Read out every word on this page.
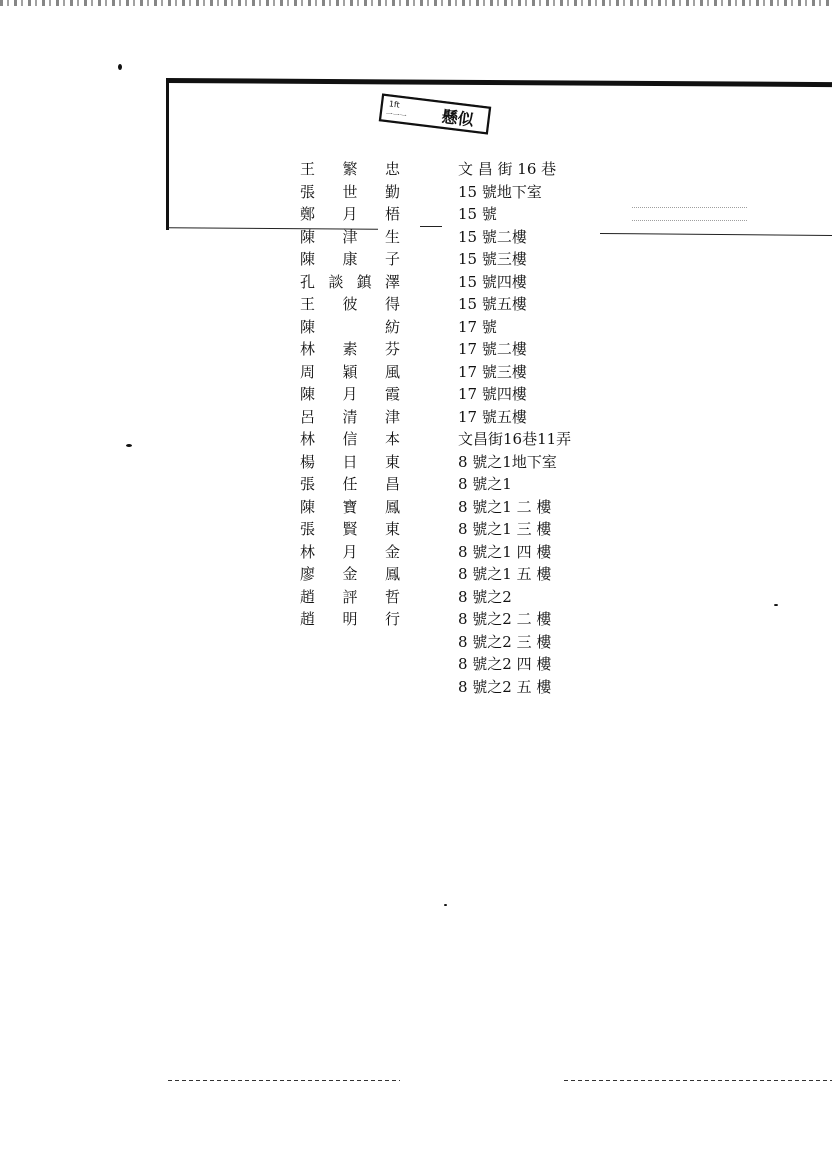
1ft
一一一 懸似
王 繁 忠
張 世 勤
鄭 月 梧
陳 津 生
陳 康 子
孔 談 鎮 澤
王 彼 得
陳
　	紡
林 素 芬
周 穎 風
陳 月 霞
呂 清 津
林 信 本
楊 日 東
張 任 昌
陳 寶 鳳
張 賢 東
林 月 金
廖 金 鳳
趙 評 哲
趙 明 行
文 昌 街 16 巷
15 號地下室
15 號
15 號二樓
15 號三樓
15 號四樓
15 號五樓
17 號
17 號二樓
17 號三樓
17 號四樓
17 號五樓
文昌街16巷11弄
8 號之1地下室
8 號之1
8 號之1 二 樓
8 號之1 三 樓
8 號之1 四 樓
8 號之1 五 樓
8 號之2
8 號之2 二 樓
8 號之2 三 樓
8 號之2 四 樓
8 號之2 五 樓
